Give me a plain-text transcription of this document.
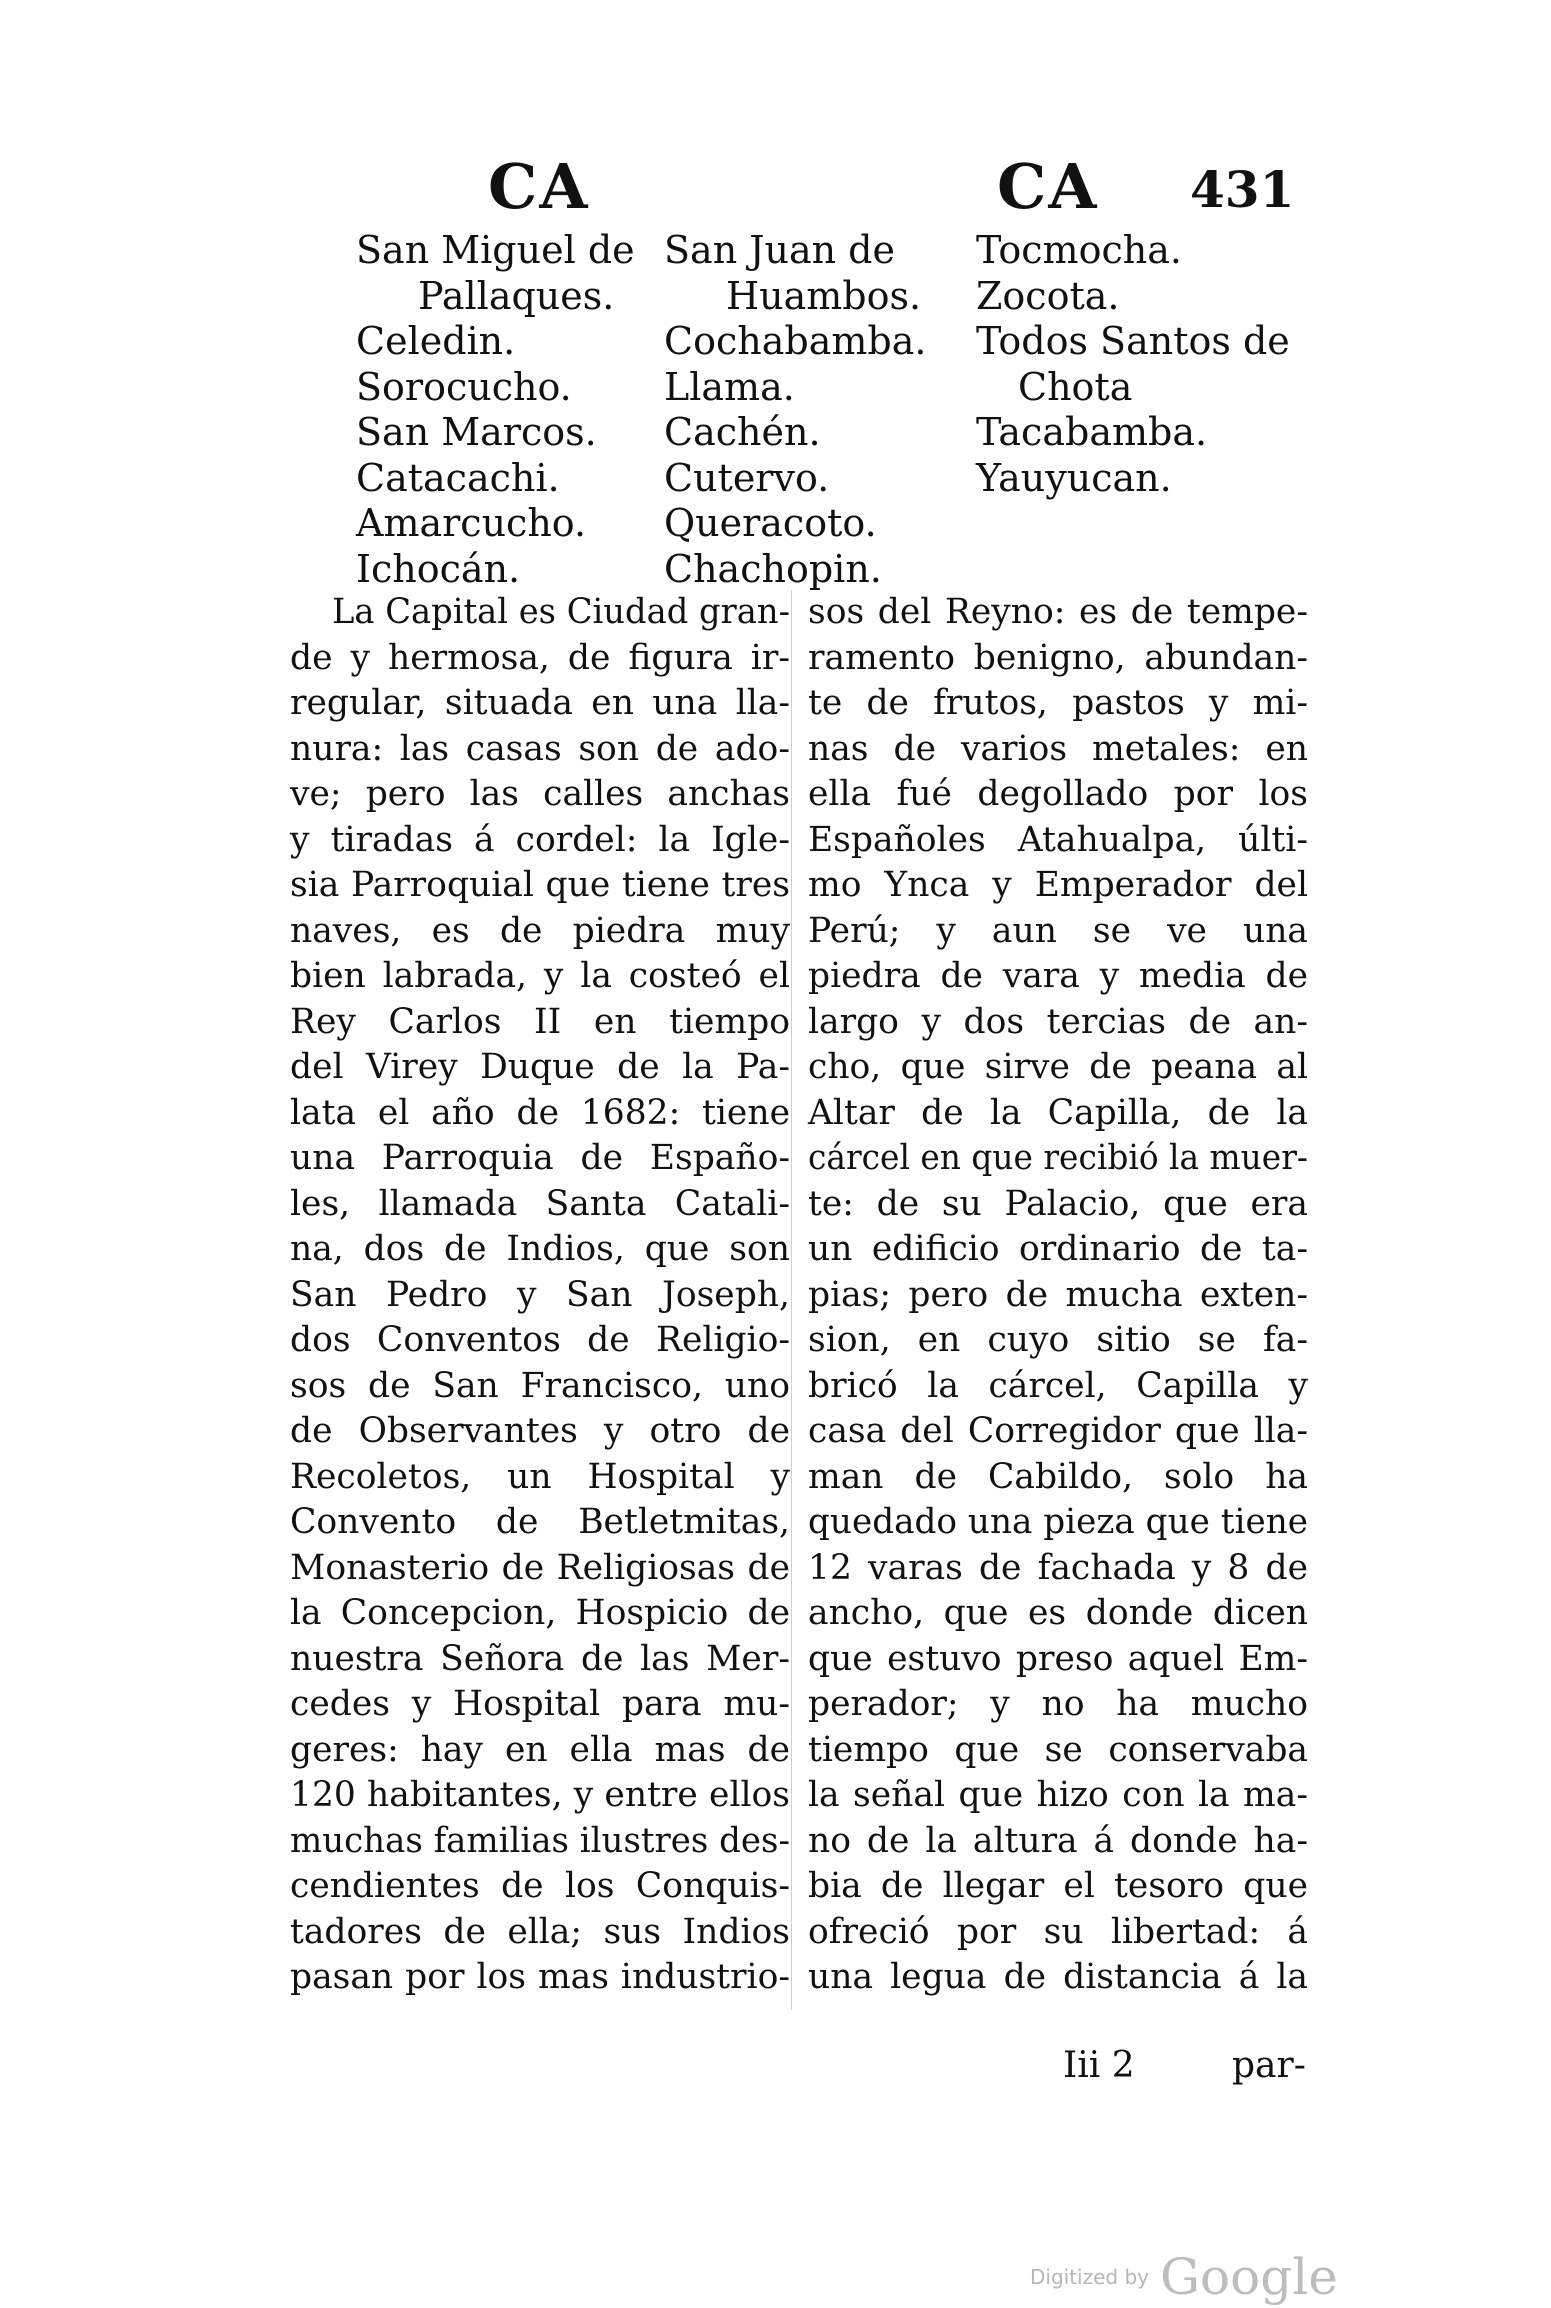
CA	CA 431
San Miguel de
Pallaques.
Celedin.
Sorocucho.
San Marcos.
Catacachi.
Amarcucho.
Ichocán.
San Juan de
Huambos.
Cochabamba.
Llama.
Cachén.
Cutervo.
Queracoto.
Chachopin.
Tocmocha.
Zocota.
Todos Santos de
Chota
Tacabamba.
Yauyucan.
La Capital es Ciudad gran-
de y hermosa, de figura ir-
regular, situada en una lla-
nura: las casas son de ado-
ve; pero las calles anchas
y tiradas á cordel: la Igle-
sia Parroquial que tiene tres
naves, es de piedra muy
bien labrada, y la costeó el
Rey Carlos II en tiempo
del Virey Duque de la Pa-
lata el año de 1682: tiene
una Parroquia de Españo-
les, llamada Santa Catali-
na, dos de Indios, que son
San Pedro y San Joseph,
dos Conventos de Religio-
sos de San Francisco, uno
de Observantes y otro de
Recoletos, un Hospital y
Convento de Betletmitas,
Monasterio de Religiosas de
la Concepcion, Hospicio de
nuestra Señora de las Mer-
cedes y Hospital para mu-
geres: hay en ella mas de
120 habitantes, y entre ellos
muchas familias ilustres des-
cendientes de los Conquis-
tadores de ella; sus Indios
pasan por los mas industrio-
sos del Reyno: es de tempe-
ramento benigno, abundan-
te de frutos, pastos y mi-
nas de varios metales: en
ella fué degollado por los
Españoles Atahualpa, últi-
mo Ynca y Emperador del
Perú; y aun se ve una
piedra de vara y media de
largo y dos tercias de an-
cho, que sirve de peana al
Altar de la Capilla, de la
cárcel en que recibió la muer-
te: de su Palacio, que era
un edificio ordinario de ta-
pias; pero de mucha exten-
sion, en cuyo sitio se fa-
bricó la cárcel, Capilla y
casa del Corregidor que lla-
man de Cabildo, solo ha
quedado una pieza que tiene
12 varas de fachada y 8 de
ancho, que es donde dicen
que estuvo preso aquel Em-
perador; y no ha mucho
tiempo que se conservaba
la señal que hizo con la ma-
no de la altura á donde ha-
bia de llegar el tesoro que
ofreció por su libertad: á
una legua de distancia á la
Iii 2	par-
Digitized by Google
